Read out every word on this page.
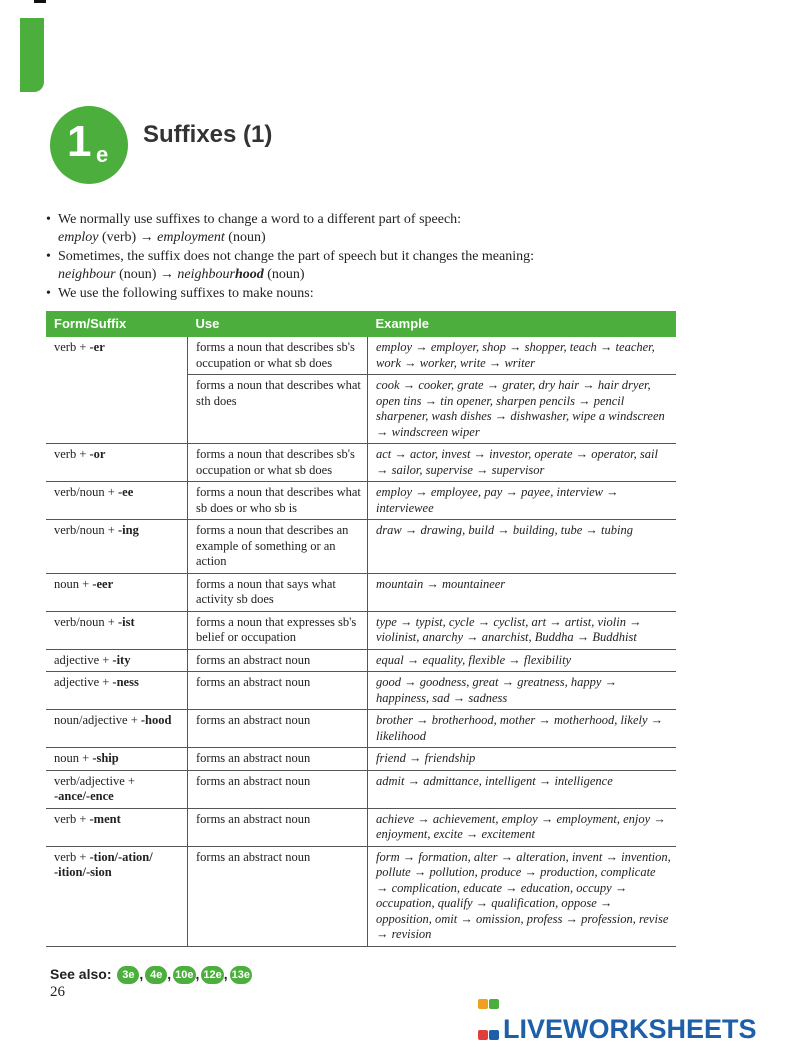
1 e
Suffixes (1)
• We normally use suffixes to change a word to a different part of speech:
employ (verb) → employment (noun)
• Sometimes, the suffix does not change the part of speech but it changes the meaning:
neighbour (noun) → neighbourhood (noun)
• We use the following suffixes to make nouns:
Form/Suffix	Use	Example
verb + -er	forms a noun that describes sb's occupation or what sb does	employ → employer, shop → shopper, teach → teacher, work → worker, write → writer
	forms a noun that describes what sth does	cook → cooker, grate → grater, dry hair → hair dryer, open tins → tin opener, sharpen pencils → pencil sharpener, wash dishes → dishwasher, wipe a windscreen → windscreen wiper
verb + -or	forms a noun that describes sb's occupation or what sb does	act → actor, invest → investor, operate → operator, sail → sailor, supervise → supervisor
verb/noun + -ee	forms a noun that describes what sb does or who sb is	employ → employee, pay → payee, interview → interviewee
verb/noun + -ing	forms a noun that describes an example of something or an action	draw → drawing, build → building, tube → tubing
noun + -eer	forms a noun that says what activity sb does	mountain → mountaineer
verb/noun + -ist	forms a noun that expresses sb's belief or occupation	type → typist, cycle → cyclist, art → artist, violin → violinist, anarchy → anarchist, Buddha → Buddhist
adjective + -ity	forms an abstract noun	equal → equality, flexible → flexibility
adjective + -ness	forms an abstract noun	good → goodness, great → greatness, happy → happiness, sad → sadness
noun/adjective + -hood	forms an abstract noun	brother → brotherhood, mother → motherhood, likely → likelihood
noun + -ship	forms an abstract noun	friend → friendship
verb/adjective +
-ance/-ence	forms an abstract noun	admit → admittance, intelligent → intelligence
verb + -ment	forms an abstract noun	achieve → achievement, employ → employment, enjoy → enjoyment, excite → excitement
verb + -tion/-ation/
-ition/-sion	forms an abstract noun	form → formation, alter → alteration, invent → invention, pollute → pollution, produce → production, complicate → complication, educate → education, occupy → occupation, qualify → qualification, oppose → opposition, omit → omission, profess → profession, revise → revision
See also: 3e , 4e , 10e , 12e , 13e
26

LIVEWORKSHEETS
